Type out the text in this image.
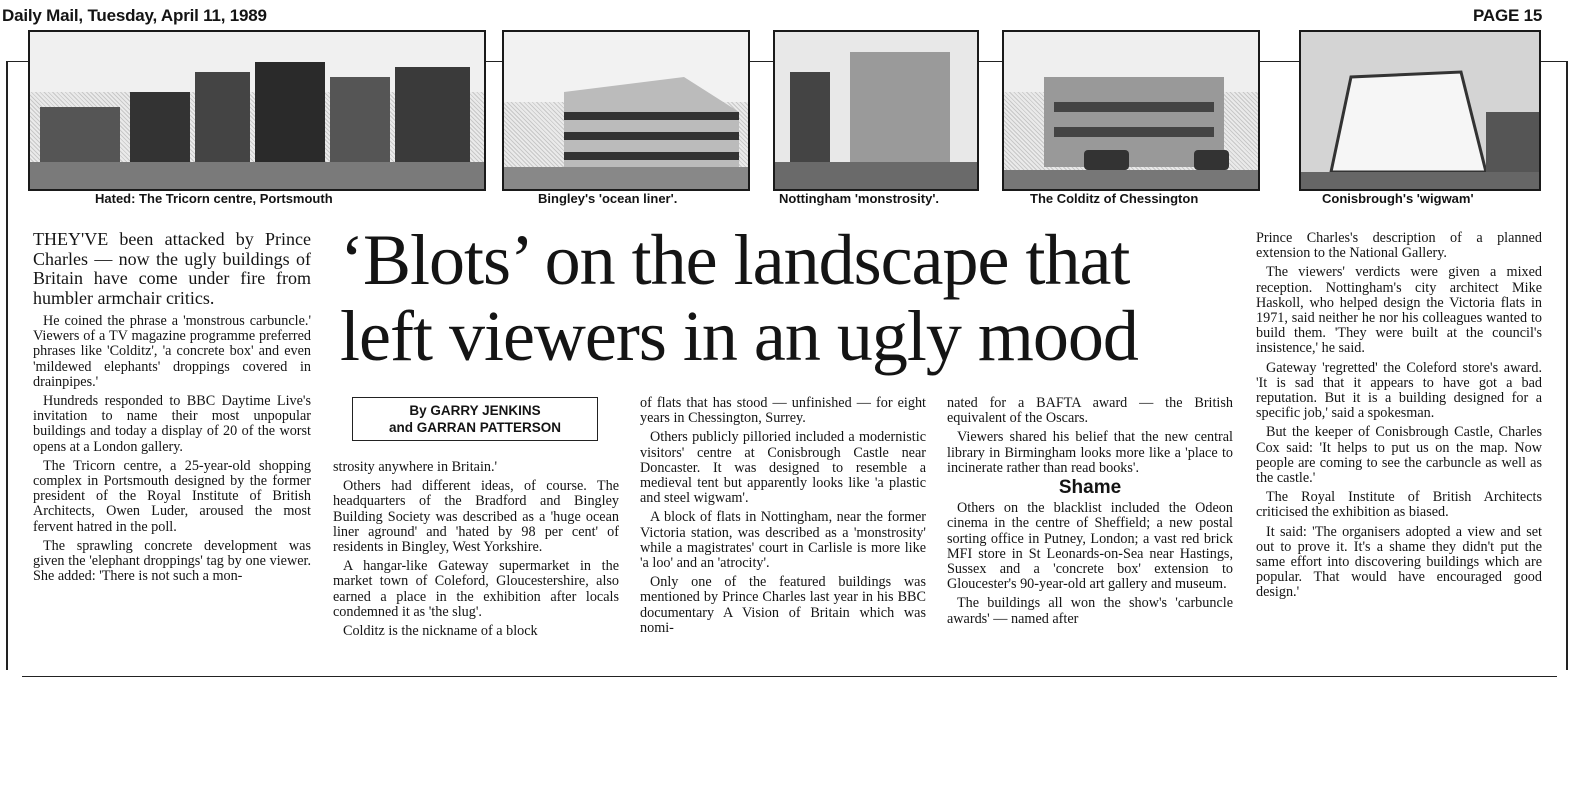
Daily Mail, Tuesday, April 11, 1989	PAGE 15
Hated: The Tricorn centre, Portsmouth	Bingley's 'ocean liner'.	Nottingham 'monstrosity'.	The Colditz of Chessington	Conisbrough's 'wigwam'
‘Blots’ on the landscape that
left viewers in an ugly mood
By GARRY JENKINS
and GARRAN PATTERSON

THEY'VE been attacked by Prince Charles — now the ugly buildings of Britain have come under fire from humbler armchair critics.

He coined the phrase a 'monstrous carbuncle.' Viewers of a TV magazine programme preferred phrases like 'Colditz', 'a concrete box' and even 'mildewed elephants' droppings covered in drainpipes.'

Hundreds responded to BBC Daytime Live's invitation to name their most unpopular buildings and today a display of 20 of the worst opens at a London gallery.

The Tricorn centre, a 25-year-old shopping complex in Portsmouth designed by the former president of the Royal Institute of British Architects, Owen Luder, aroused the most fervent hatred in the poll.

The sprawling concrete development was given the 'elephant droppings' tag by one viewer. She added: 'There is not such a mon-

strosity anywhere in Britain.'

Others had different ideas, of course. The headquarters of the Bradford and Bingley Building Society was described as a 'huge ocean liner aground' and 'hated by 98 per cent' of residents in Bingley, West Yorkshire.

A hangar-like Gateway supermarket in the market town of Coleford, Gloucestershire, also earned a place in the exhibition after locals condemned it as 'the slug'.

Colditz is the nickname of a block

of flats that has stood — unfinished — for eight years in Chessington, Surrey.

Others publicly pilloried included a modernistic visitors' centre at Conisbrough Castle near Doncaster. It was designed to resemble a medieval tent but apparently looks like 'a plastic and steel wigwam'.

A block of flats in Nottingham, near the former Victoria station, was described as a 'monstrosity' while a magistrates' court in Carlisle is more like 'a loo' and an 'atrocity'.

Only one of the featured buildings was mentioned by Prince Charles last year in his BBC documentary A Vision of Britain which was nomi-

nated for a BAFTA award — the British equivalent of the Oscars.

Viewers shared his belief that the new central library in Birmingham looks more like a 'place to incinerate rather than read books'.

Shame

Others on the blacklist included the Odeon cinema in the centre of Sheffield; a new postal sorting office in Putney, London; a vast red brick MFI store in St Leonards-on-Sea near Hastings, Sussex and a 'concrete box' extension to Gloucester's 90-year-old art gallery and museum.

The buildings all won the show's 'carbuncle awards' — named after

Prince Charles's description of a planned extension to the National Gallery.

The viewers' verdicts were given a mixed reception. Nottingham's city architect Mike Haskoll, who helped design the Victoria flats in 1971, said neither he nor his colleagues wanted to build them. 'They were built at the council's insistence,' he said.

Gateway 'regretted' the Coleford store's award. 'It is sad that it appears to have got a bad reputation. But it is a building designed for a specific job,' said a spokesman.

But the keeper of Conisbrough Castle, Charles Cox said: 'It helps to put us on the map. Now people are coming to see the carbuncle as well as the castle.'

The Royal Institute of British Architects criticised the exhibition as biased.

It said: 'The organisers adopted a view and set out to prove it. It's a shame they didn't put the same effort into discovering buildings which are popular. That would have encouraged good design.'
